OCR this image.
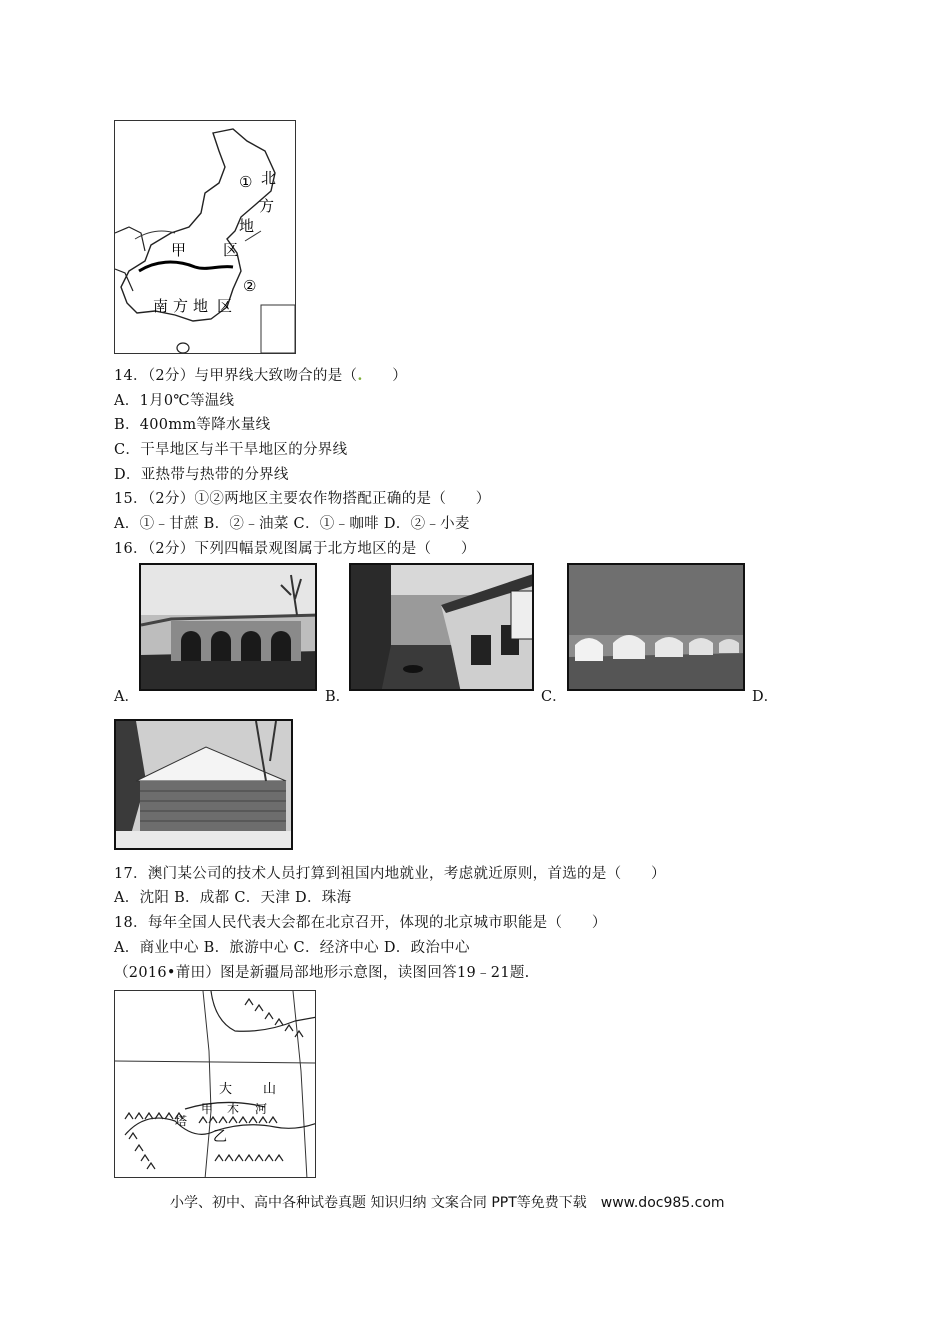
① 北
方
地
区
甲
②
南 方 地 区
14．（2分）与甲界线大致吻合的是（.　　）
A．1月0℃等温线
B．400mm等降水量线
C．干旱地区与半干旱地区的分界线
D．亚热带与热带的分界线
15．（2分）①②两地区主要农作物搭配正确的是（　　）
A．①﹣甘蔗 B．②﹣油菜 C．①﹣咖啡 D．②﹣小麦
16．（2分）下列四幅景观图属于北方地区的是（　　）
A．	B．	C．	D．
17．澳门某公司的技术人员打算到祖国内地就业，考虑就近原则，首选的是（　　）
A．沈阳 B．成都 C．天津 D．珠海
18．每年全国人民代表大会都在北京召开，体现的北京城市职能是（　　）
A．商业中心 B．旅游中心 C．经济中心 D．政治中心
（2016•莆田）图是新疆局部地形示意图，读图回答19﹣21题.
大 山
甲 木 河
塔
乙
小学、初中、高中各种试卷真题 知识归纳 文案合同 PPT等免费下载　www.doc985.com
